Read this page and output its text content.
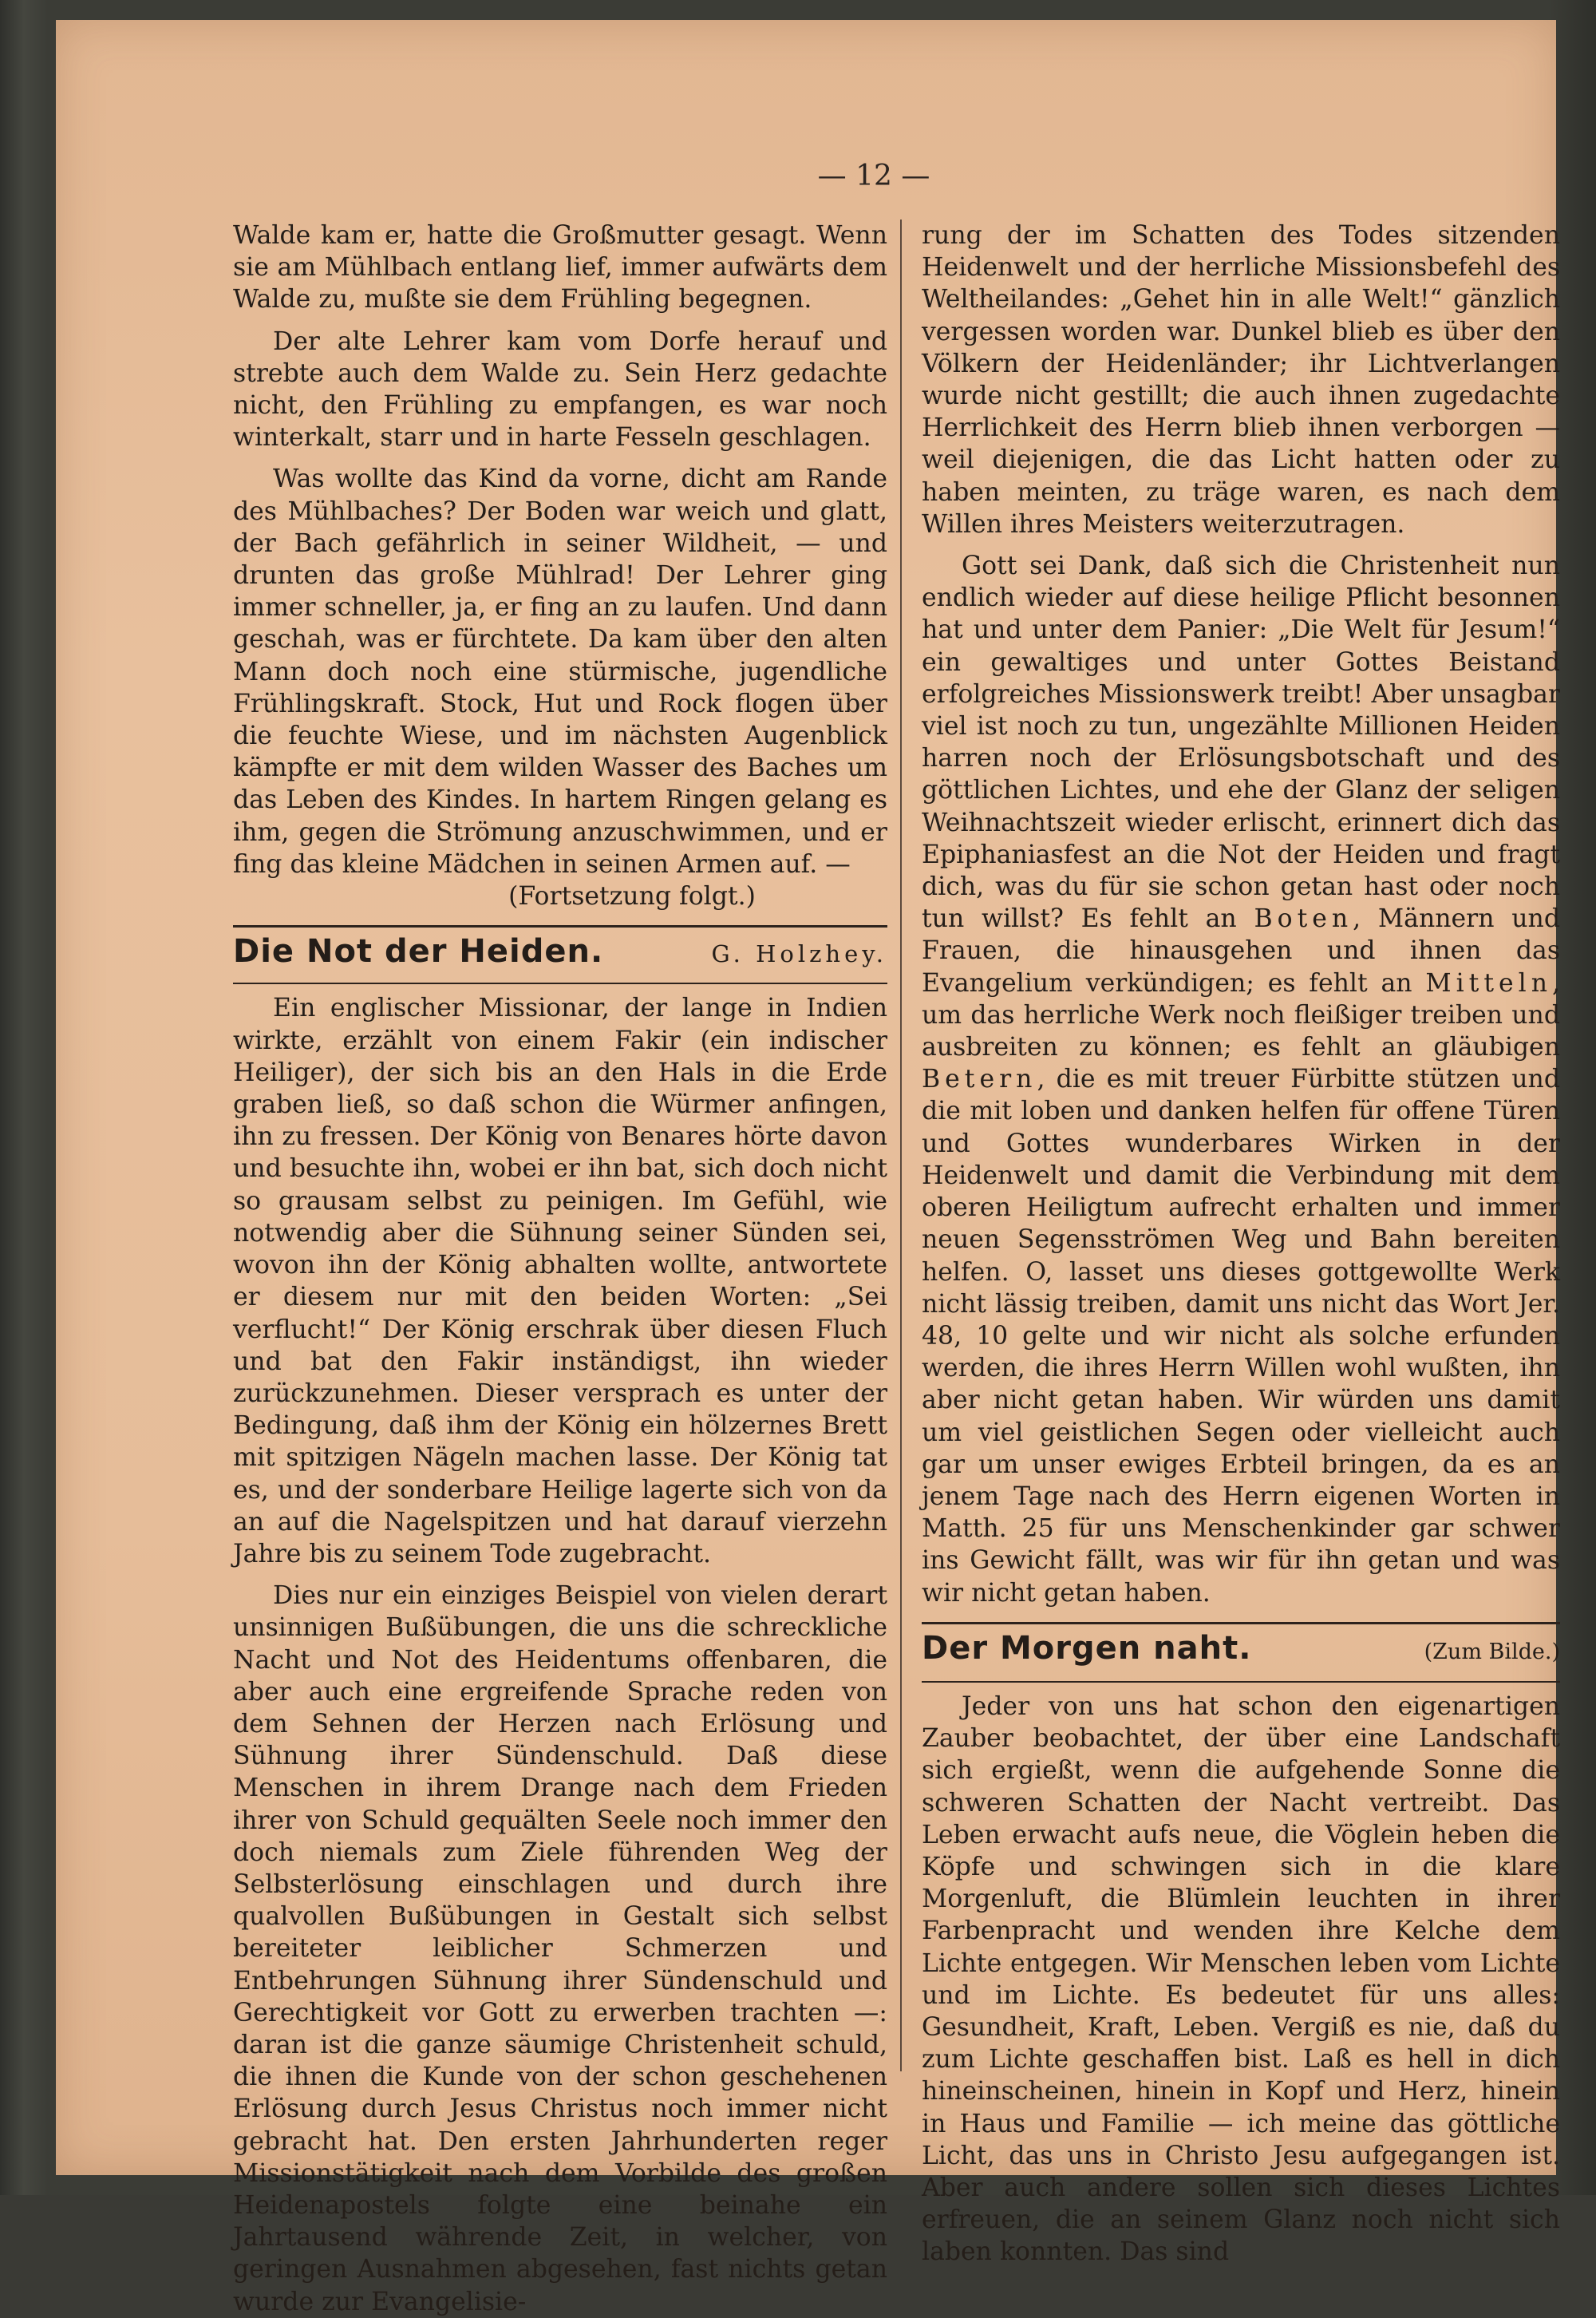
— 12 —

Walde kam er, hatte die Großmutter gesagt. Wenn sie am Mühlbach entlang lief, immer aufwärts dem Walde zu, mußte sie dem Frühling begegnen.

Der alte Lehrer kam vom Dorfe herauf und strebte auch dem Walde zu. Sein Herz gedachte nicht, den Frühling zu empfangen, es war noch winterkalt, starr und in harte Fesseln geschlagen.

Was wollte das Kind da vorne, dicht am Rande des Mühlbaches? Der Boden war weich und glatt, der Bach gefährlich in seiner Wildheit, — und drunten das große Mühlrad! Der Lehrer ging immer schneller, ja, er fing an zu laufen. Und dann geschah, was er fürchtete. Da kam über den alten Mann doch noch eine stürmische, jugendliche Frühlingskraft. Stock, Hut und Rock flogen über die feuchte Wiese, und im nächsten Augenblick kämpfte er mit dem wilden Wasser des Baches um das Leben des Kindes. In hartem Ringen gelang es ihm, gegen die Strömung anzuschwimmen, und er fing das kleine Mädchen in seinen Armen auf. —

(Fortsetzung folgt.)

Die Not der Heiden.	G. Holzhey.

Ein englischer Missionar, der lange in Indien wirkte, erzählt von einem Fakir (ein indischer Heiliger), der sich bis an den Hals in die Erde graben ließ, so daß schon die Würmer anfingen, ihn zu fressen. Der König von Benares hörte davon und besuchte ihn, wobei er ihn bat, sich doch nicht so grausam selbst zu peinigen. Im Gefühl, wie notwendig aber die Sühnung seiner Sünden sei, wovon ihn der König abhalten wollte, antwortete er diesem nur mit den beiden Worten: „Sei verflucht!“ Der König erschrak über diesen Fluch und bat den Fakir inständigst, ihn wieder zurückzunehmen. Dieser versprach es unter der Bedingung, daß ihm der König ein hölzernes Brett mit spitzigen Nägeln machen lasse. Der König tat es, und der sonderbare Heilige lagerte sich von da an auf die Nagelspitzen und hat darauf vierzehn Jahre bis zu seinem Tode zugebracht.

Dies nur ein einziges Beispiel von vielen derart unsinnigen Bußübungen, die uns die schreckliche Nacht und Not des Heidentums offenbaren, die aber auch eine ergreifende Sprache reden von dem Sehnen der Herzen nach Erlösung und Sühnung ihrer Sündenschuld. Daß diese Menschen in ihrem Drange nach dem Frieden ihrer von Schuld gequälten Seele noch immer den doch niemals zum Ziele führenden Weg der Selbsterlösung einschlagen und durch ihre qualvollen Bußübungen in Gestalt sich selbst bereiteter leiblicher Schmerzen und Entbehrungen Sühnung ihrer Sündenschuld und Gerechtigkeit vor Gott zu erwerben trachten —: daran ist die ganze säumige Christenheit schuld, die ihnen die Kunde von der schon geschehenen Erlösung durch Jesus Christus noch immer nicht gebracht hat. Den ersten Jahrhunderten reger Missionstätigkeit nach dem Vorbilde des großen Heidenapostels folgte eine beinahe ein Jahrtausend währende Zeit, in welcher, von geringen Ausnahmen abgesehen, fast nichts getan wurde zur Evangelisie-

rung der im Schatten des Todes sitzenden Heidenwelt und der herrliche Missionsbefehl des Weltheilandes: „Gehet hin in alle Welt!“ gänzlich vergessen worden war. Dunkel blieb es über den Völkern der Heidenländer; ihr Lichtverlangen wurde nicht gestillt; die auch ihnen zugedachte Herrlichkeit des Herrn blieb ihnen verborgen — weil diejenigen, die das Licht hatten oder zu haben meinten, zu träge waren, es nach dem Willen ihres Meisters weiterzutragen.

Gott sei Dank, daß sich die Christenheit nun endlich wieder auf diese heilige Pflicht besonnen hat und unter dem Panier: „Die Welt für Jesum!“ ein gewaltiges und unter Gottes Beistand erfolgreiches Missionswerk treibt! Aber unsagbar viel ist noch zu tun, ungezählte Millionen Heiden harren noch der Erlösungsbotschaft und des göttlichen Lichtes, und ehe der Glanz der seligen Weihnachtszeit wieder erlischt, erinnert dich das Epiphaniasfest an die Not der Heiden und fragt dich, was du für sie schon getan hast oder noch tun willst? Es fehlt an Boten, Männern und Frauen, die hinausgehen und ihnen das Evangelium verkündigen; es fehlt an Mitteln, um das herrliche Werk noch fleißiger treiben und ausbreiten zu können; es fehlt an gläubigen Betern, die es mit treuer Fürbitte stützen und die mit loben und danken helfen für offene Türen und Gottes wunderbares Wirken in der Heidenwelt und damit die Verbindung mit dem oberen Heiligtum aufrecht erhalten und immer neuen Segensströmen Weg und Bahn bereiten helfen. O, lasset uns dieses gottgewollte Werk nicht lässig treiben, damit uns nicht das Wort Jer. 48, 10 gelte und wir nicht als solche erfunden werden, die ihres Herrn Willen wohl wußten, ihn aber nicht getan haben. Wir würden uns damit um viel geistlichen Segen oder vielleicht auch gar um unser ewiges Erbteil bringen, da es an jenem Tage nach des Herrn eigenen Worten in Matth. 25 für uns Menschenkinder gar schwer ins Gewicht fällt, was wir für ihn getan und was wir nicht getan haben.

Der Morgen naht.	(Zum Bilde.)

Jeder von uns hat schon den eigenartigen Zauber beobachtet, der über eine Landschaft sich ergießt, wenn die aufgehende Sonne die schweren Schatten der Nacht vertreibt. Das Leben erwacht aufs neue, die Vöglein heben die Köpfe und schwingen sich in die klare Morgenluft, die Blümlein leuchten in ihrer Farbenpracht und wenden ihre Kelche dem Lichte entgegen. Wir Menschen leben vom Lichte und im Lichte. Es bedeutet für uns alles: Gesundheit, Kraft, Leben. Vergiß es nie, daß du zum Lichte geschaffen bist. Laß es hell in dich hineinscheinen, hinein in Kopf und Herz, hinein in Haus und Familie — ich meine das göttliche Licht, das uns in Christo Jesu aufgegangen ist. Aber auch andere sollen sich dieses Lichtes erfreuen, die an seinem Glanz noch nicht sich laben konnten. Das sind
